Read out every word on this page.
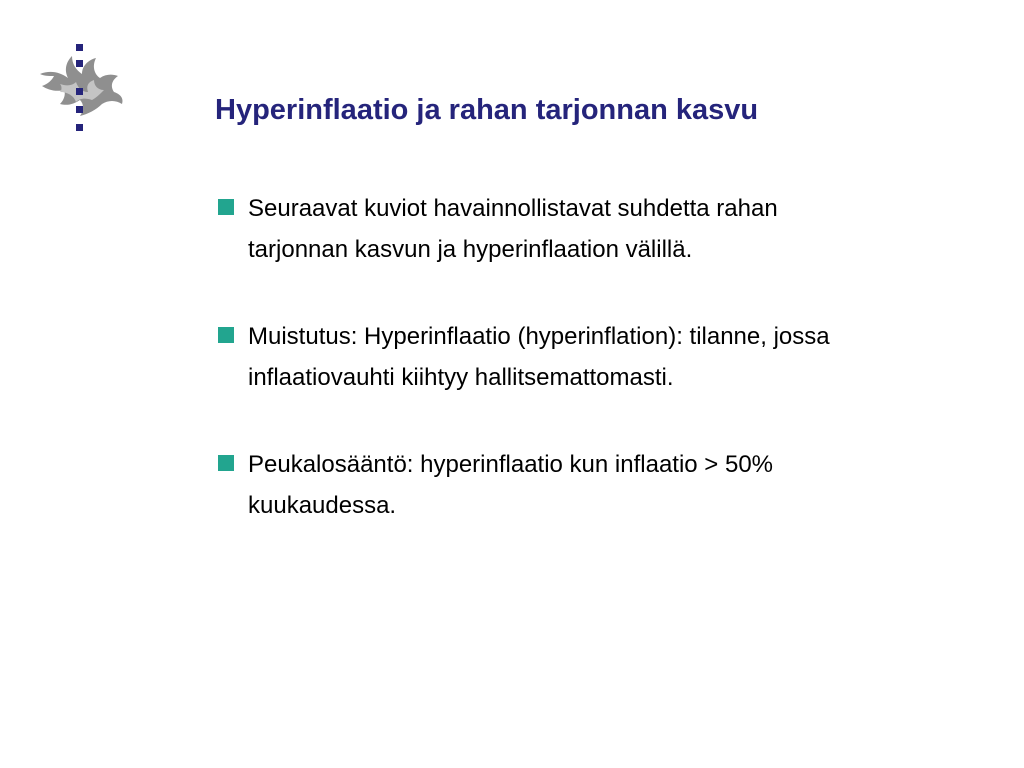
Hyperinflaatio ja rahan tarjonnan kasvu
Seuraavat kuviot havainnollistavat suhdetta rahan
tarjonnan kasvun ja hyperinflaation välillä.
Muistutus: Hyperinflaatio (hyperinflation): tilanne, jossa
inflaatiovauhti kiihtyy hallitsemattomasti.
Peukalosääntö: hyperinflaatio kun inflaatio > 50%
kuukaudessa.
